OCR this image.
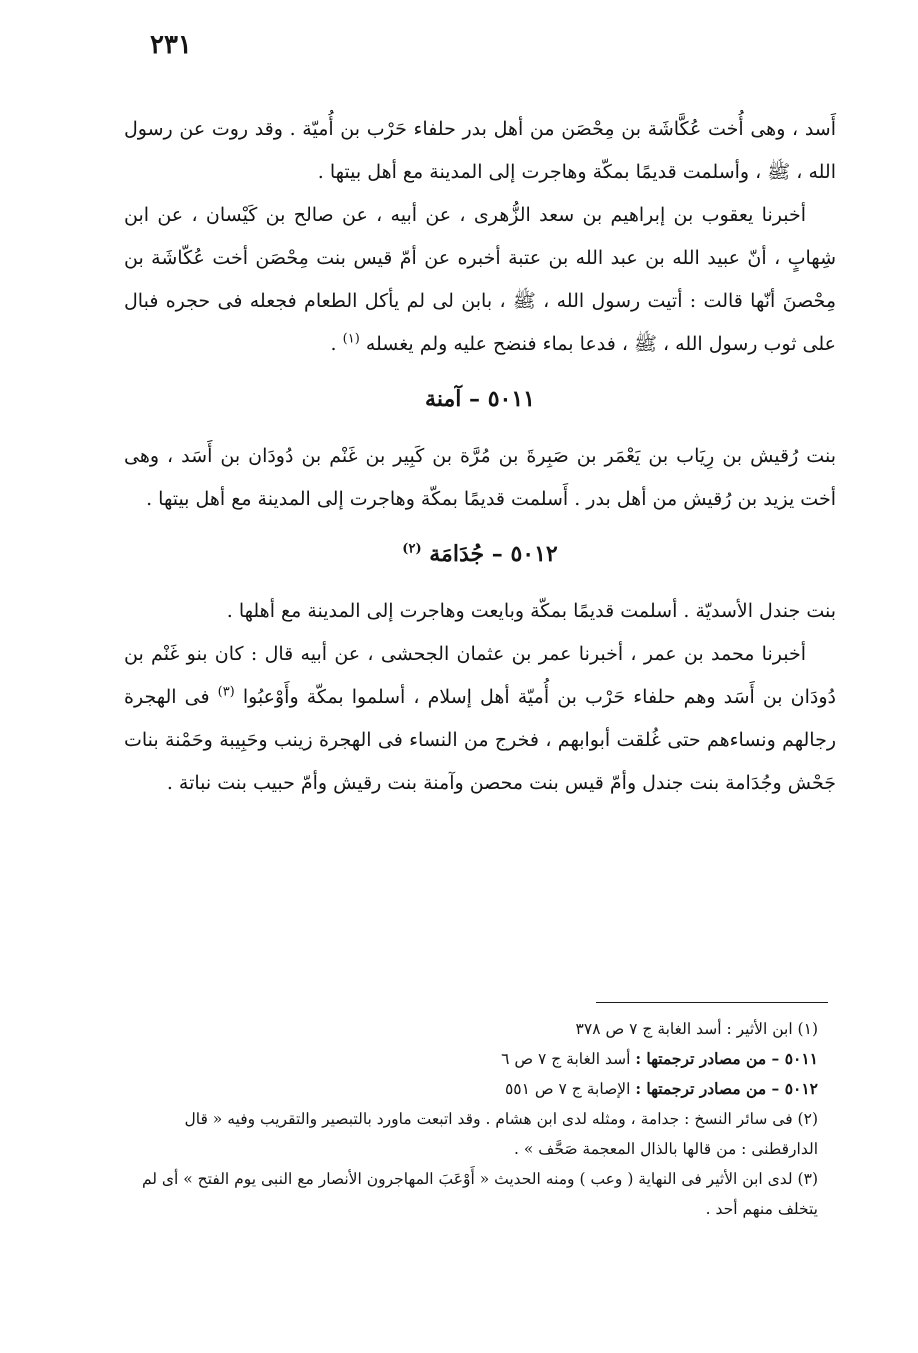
٢٣١

أَسد ، وهى أُخت عُكَّاشَة بن مِحْصَن من أهل بدر حلفاء حَرْب بن أُميّة . وقد روت عن رسول الله ، ﷺ ، وأسلمت قديمًا بمكّة وهاجرت إلى المدينة مع أهل بيتها .

أخبرنا يعقوب بن إبراهيم بن سعد الزُّهرى ، عن أبيه ، عن صالح بن كَيْسان ، عن ابن شِهابٍ ، أنّ عبيد الله بن عبد الله بن عتبة أخبره عن أمّ قيس بنت مِحْصَن أخت عُكّاشَة بن مِحْصنَ أنّها قالت : أتيت رسول الله ، ﷺ ، بابن لى لم يأكل الطعام فجعله فى حجره فبال على ثوب رسول الله ، ﷺ ، فدعا بماء فنضح عليه ولم يغسله $^{(١)}$ .

٥٠١١ – آمنة

بنت رُقيش بن رِيَاب بن يَعْمَر بن صَبِرةَ بن مُرَّة بن كَبِير بن غَنْم بن دُودَان بن أَسَد ، وهى أخت يزيد بن رُقيش من أهل بدر . أَسلمت قديمًا بمكّة وهاجرت إلى المدينة مع أهل بيتها .

٥٠١٢ – جُدَامَة $^{(٢)}$

بنت جندل الأسديّة . أسلمت قديمًا بمكّة وبايعت وهاجرت إلى المدينة مع أهلها .

أخبرنا محمد بن عمر ، أخبرنا عمر بن عثمان الجحشى ، عن أبيه قال : كان بنو غَنْم بن دُودَان بن أَسَد وهم حلفاء حَرْب بن أُميّة أهل إسلام ، أسلموا بمكّة وأَوْعبُوا $^{(٣)}$ فى الهجرة رجالهم ونساءهم حتى غُلقت أبوابهم ، فخرج من النساء فى الهجرة زينب وحَبِيبة وحَمْنة بنات جَحْش وجُدَامة بنت جندل وأمّ قيس بنت محصن وآمنة بنت رقيش وأمّ حبيب بنت نباتة .

(١) ابن الأثير : أسد الغابة ج ٧ ص ٣٧٨

٥٠١١ – من مصادر ترجمتها : أسد الغابة ج ٧ ص ٦

٥٠١٢ – من مصادر ترجمتها : الإصابة ج ٧ ص ٥٥١

(٢) فى سائر النسخ : جدامة ، ومثله لدى ابن هشام . وقد اتبعت ماورد بالتبصير والتقريب وفيه « قال الدارقطنى : من قالها بالذال المعجمة صَحَّف » .

(٣) لدى ابن الأثير فى النهاية ( وعب ) ومنه الحديث « أَوْعَبَ المهاجرون الأنصار مع النبى يوم الفتح » أى لم يتخلف منهم أحد .
